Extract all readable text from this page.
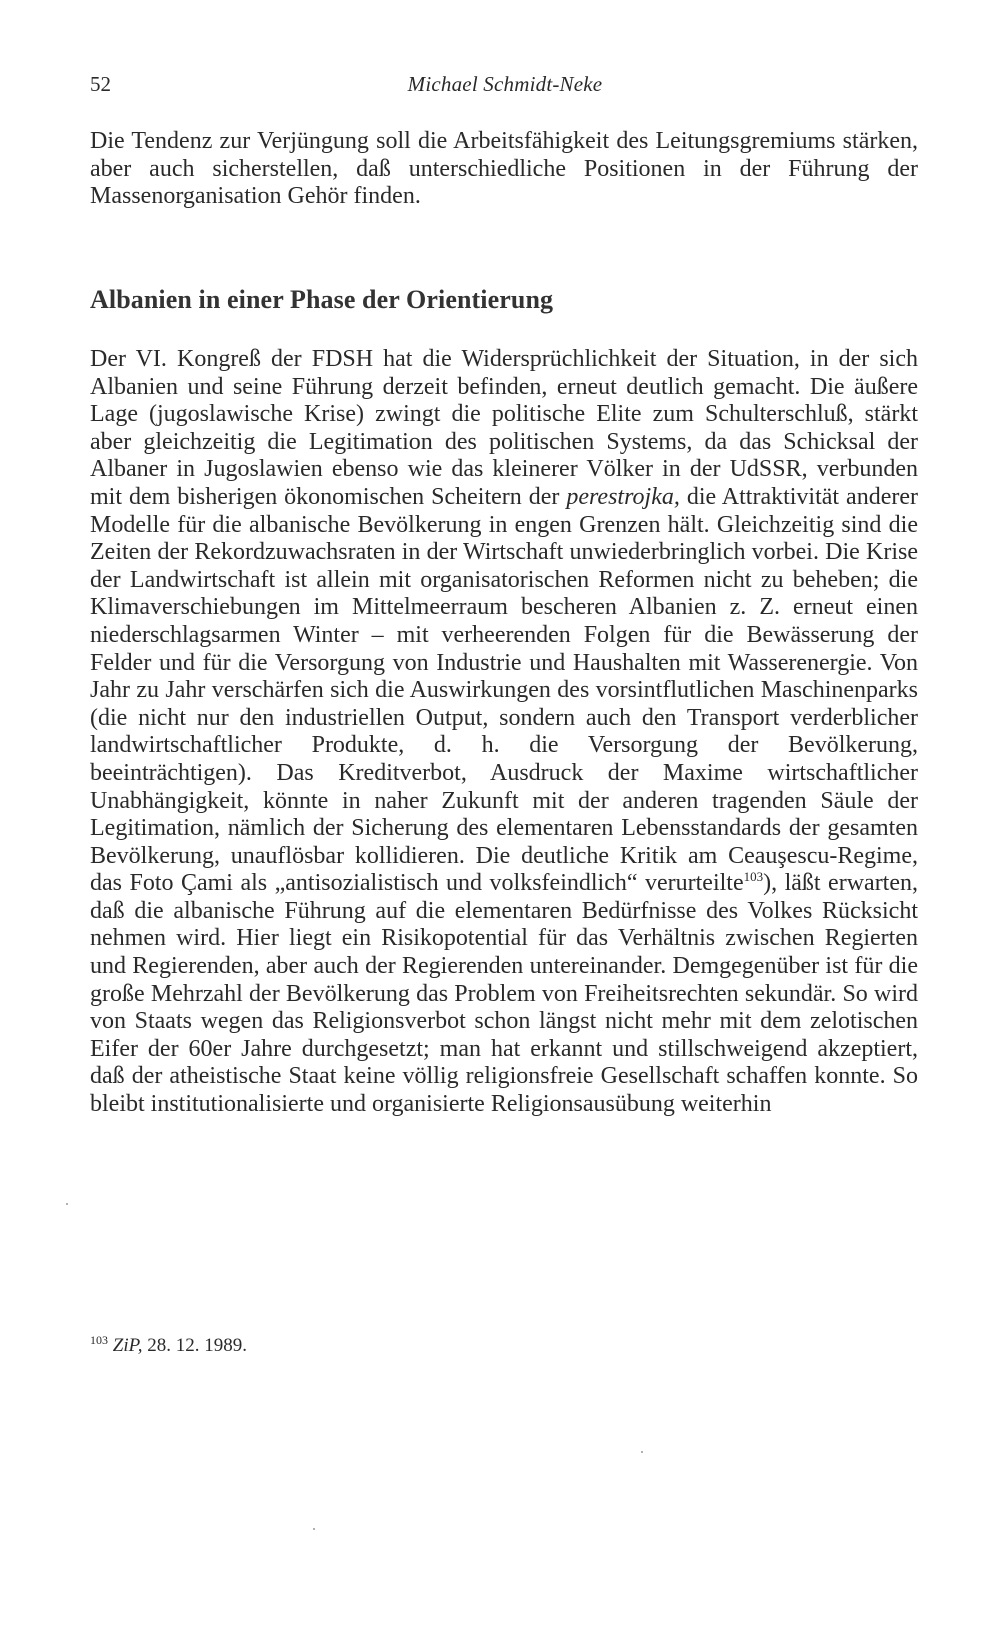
52	Michael Schmidt-Neke

Die Tendenz zur Verjüngung soll die Arbeitsfähigkeit des Leitungsgremiums stärken, aber auch sicherstellen, daß unterschiedliche Positionen in der Führung der Massenorganisation Gehör finden.

Albanien in einer Phase der Orientierung

Der VI. Kongreß der FDSH hat die Widersprüchlichkeit der Situation, in der sich Albanien und seine Führung derzeit befinden, erneut deutlich gemacht. Die äußere Lage (jugoslawische Krise) zwingt die politische Elite zum Schulterschluß, stärkt aber gleichzeitig die Legitimation des politischen Systems, da das Schicksal der Albaner in Jugoslawien ebenso wie das kleinerer Völker in der UdSSR, verbunden mit dem bisherigen ökonomischen Scheitern der perestrojka, die Attraktivität anderer Modelle für die albanische Bevölkerung in engen Grenzen hält. Gleichzeitig sind die Zeiten der Rekordzuwachsraten in der Wirtschaft unwiederbringlich vorbei. Die Krise der Landwirtschaft ist allein mit organisatorischen Reformen nicht zu beheben; die Klimaverschiebungen im Mittelmeerraum bescheren Albanien z. Z. erneut einen niederschlagsarmen Winter – mit verheerenden Folgen für die Bewässerung der Felder und für die Versorgung von Industrie und Haushalten mit Wasserenergie. Von Jahr zu Jahr verschärfen sich die Auswirkungen des vorsintflutlichen Maschinenparks (die nicht nur den industriellen Output, sondern auch den Transport verderblicher landwirtschaftlicher Produkte, d. h. die Versorgung der Bevölkerung, beeinträchtigen). Das Kreditverbot, Ausdruck der Maxime wirtschaftlicher Unabhängigkeit, könnte in naher Zukunft mit der anderen tragenden Säule der Legitimation, nämlich der Sicherung des elementaren Lebensstandards der gesamten Bevölkerung, unauflösbar kollidieren. Die deutliche Kritik am Ceauşescu-Regime, das Foto Çami als „antisozialistisch und volksfeindlich“ verurteilte$^{103}$), läßt erwarten, daß die albanische Führung auf die elementaren Bedürfnisse des Volkes Rücksicht nehmen wird. Hier liegt ein Risikopotential für das Verhältnis zwischen Regierten und Regierenden, aber auch der Regierenden untereinander. Demgegenüber ist für die große Mehrzahl der Bevölkerung das Problem von Freiheitsrechten sekundär. So wird von Staats wegen das Religionsverbot schon längst nicht mehr mit dem zelotischen Eifer der 60er Jahre durchgesetzt; man hat erkannt und stillschweigend akzeptiert, daß der atheistische Staat keine völlig religionsfreie Gesellschaft schaffen konnte. So bleibt institutionalisierte und organisierte Religionsausübung weiterhin

$^{103}$ ZiP, 28. 12. 1989.
